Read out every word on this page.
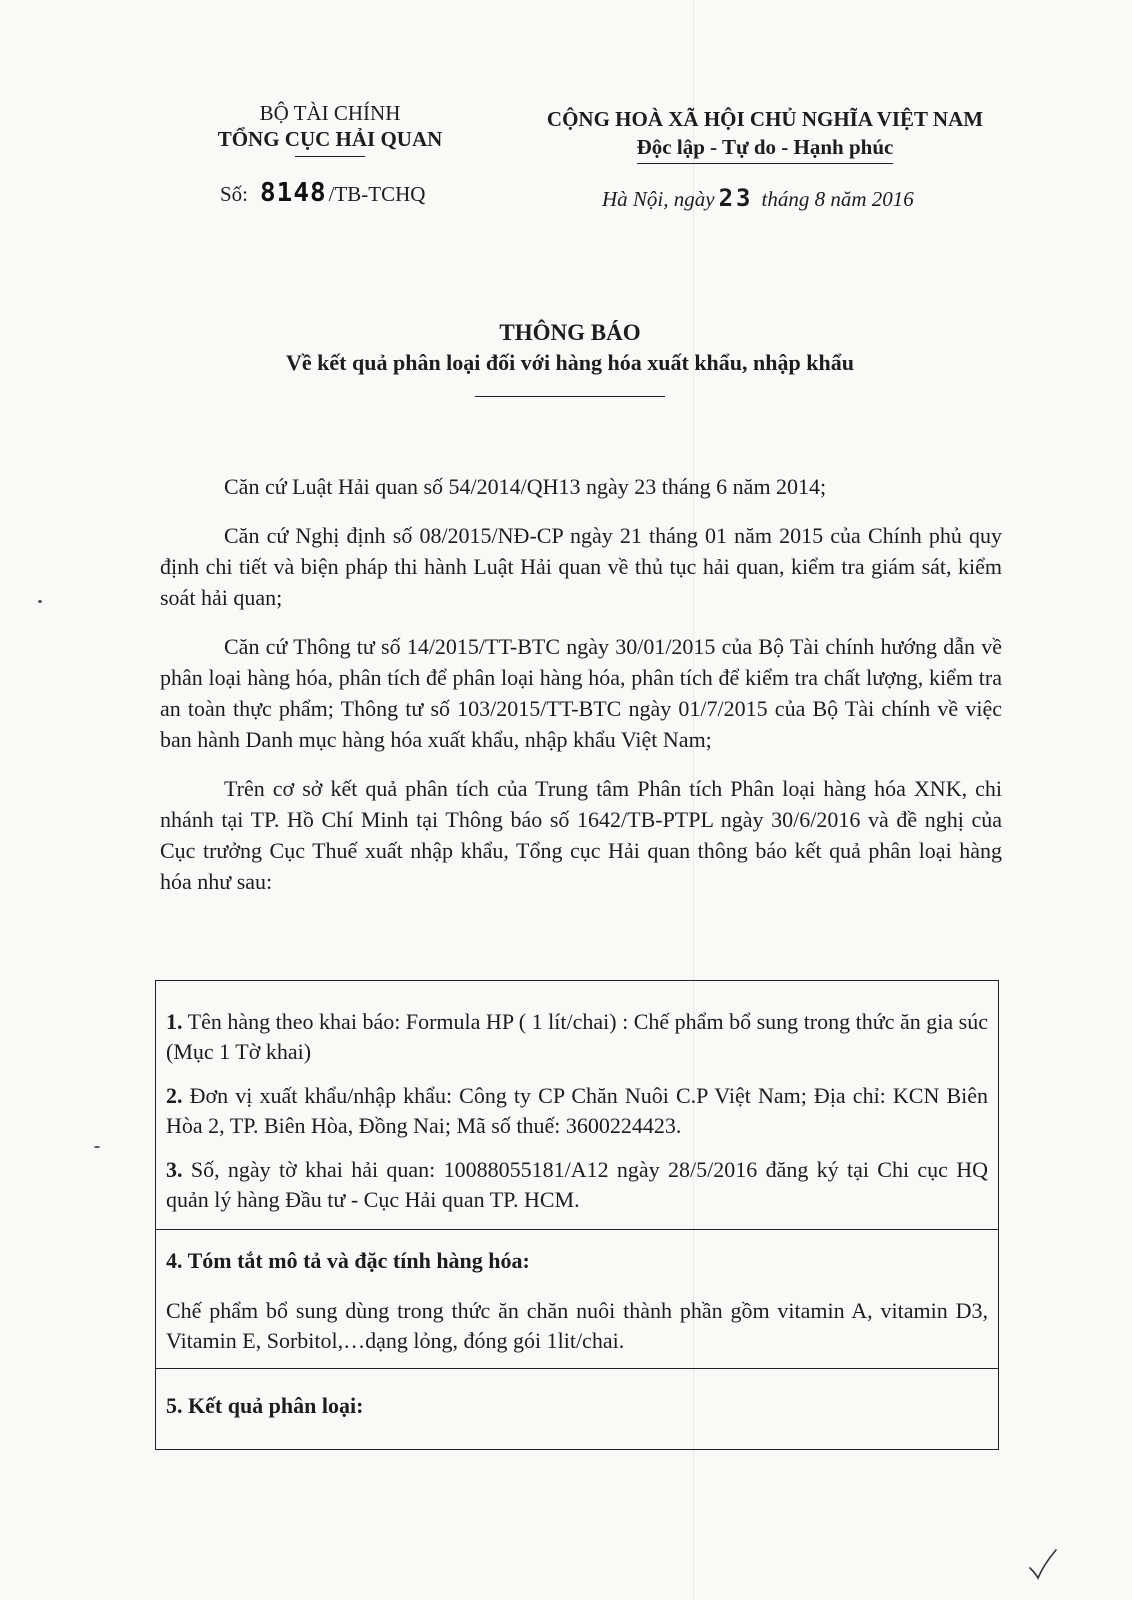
BỘ TÀI CHÍNH
TỔNG CỤC HẢI QUAN
CỘNG HOÀ XÃ HỘI CHỦ NGHĨA VIỆT NAM
Độc lập - Tự do - Hạnh phúc
Số: 8148 /TB-TCHQ	Hà Nội, ngày 23 tháng 8 năm 2016
THÔNG BÁO
Về kết quả phân loại đối với hàng hóa xuất khẩu, nhập khẩu

Căn cứ Luật Hải quan số 54/2014/QH13 ngày 23 tháng 6 năm 2014;

Căn cứ Nghị định số 08/2015/NĐ-CP ngày 21 tháng 01 năm 2015 của Chính phủ quy định chi tiết và biện pháp thi hành Luật Hải quan về thủ tục hải quan, kiểm tra giám sát, kiểm soát hải quan;

Căn cứ Thông tư số 14/2015/TT-BTC ngày 30/01/2015 của Bộ Tài chính hướng dẫn về phân loại hàng hóa, phân tích để phân loại hàng hóa, phân tích để kiểm tra chất lượng, kiểm tra an toàn thực phẩm; Thông tư số 103/2015/TT-BTC ngày 01/7/2015 của Bộ Tài chính về việc ban hành Danh mục hàng hóa xuất khẩu, nhập khẩu Việt Nam;

Trên cơ sở kết quả phân tích của Trung tâm Phân tích Phân loại hàng hóa XNK, chi nhánh tại TP. Hồ Chí Minh tại Thông báo số 1642/TB-PTPL ngày 30/6/2016 và đề nghị của Cục trưởng Cục Thuế xuất nhập khẩu, Tổng cục Hải quan thông báo kết quả phân loại hàng hóa như sau:

1. Tên hàng theo khai báo: Formula HP ( 1 lít/chai) : Chế phẩm bổ sung trong thức ăn gia súc (Mục 1 Tờ khai)
2. Đơn vị xuất khẩu/nhập khẩu: Công ty CP Chăn Nuôi C.P Việt Nam; Địa chỉ: KCN Biên Hòa 2, TP. Biên Hòa, Đồng Nai; Mã số thuế: 3600224423.
3. Số, ngày tờ khai hải quan: 10088055181/A12 ngày 28/5/2016 đăng ký tại Chi cục HQ quản lý hàng Đầu tư - Cục Hải quan TP. HCM.
4. Tóm tắt mô tả và đặc tính hàng hóa:
Chế phẩm bổ sung dùng trong thức ăn chăn nuôi thành phần gồm vitamin A, vitamin D3, Vitamin E, Sorbitol,…dạng lỏng, đóng gói 1lit/chai.
5. Kết quả phân loại:
